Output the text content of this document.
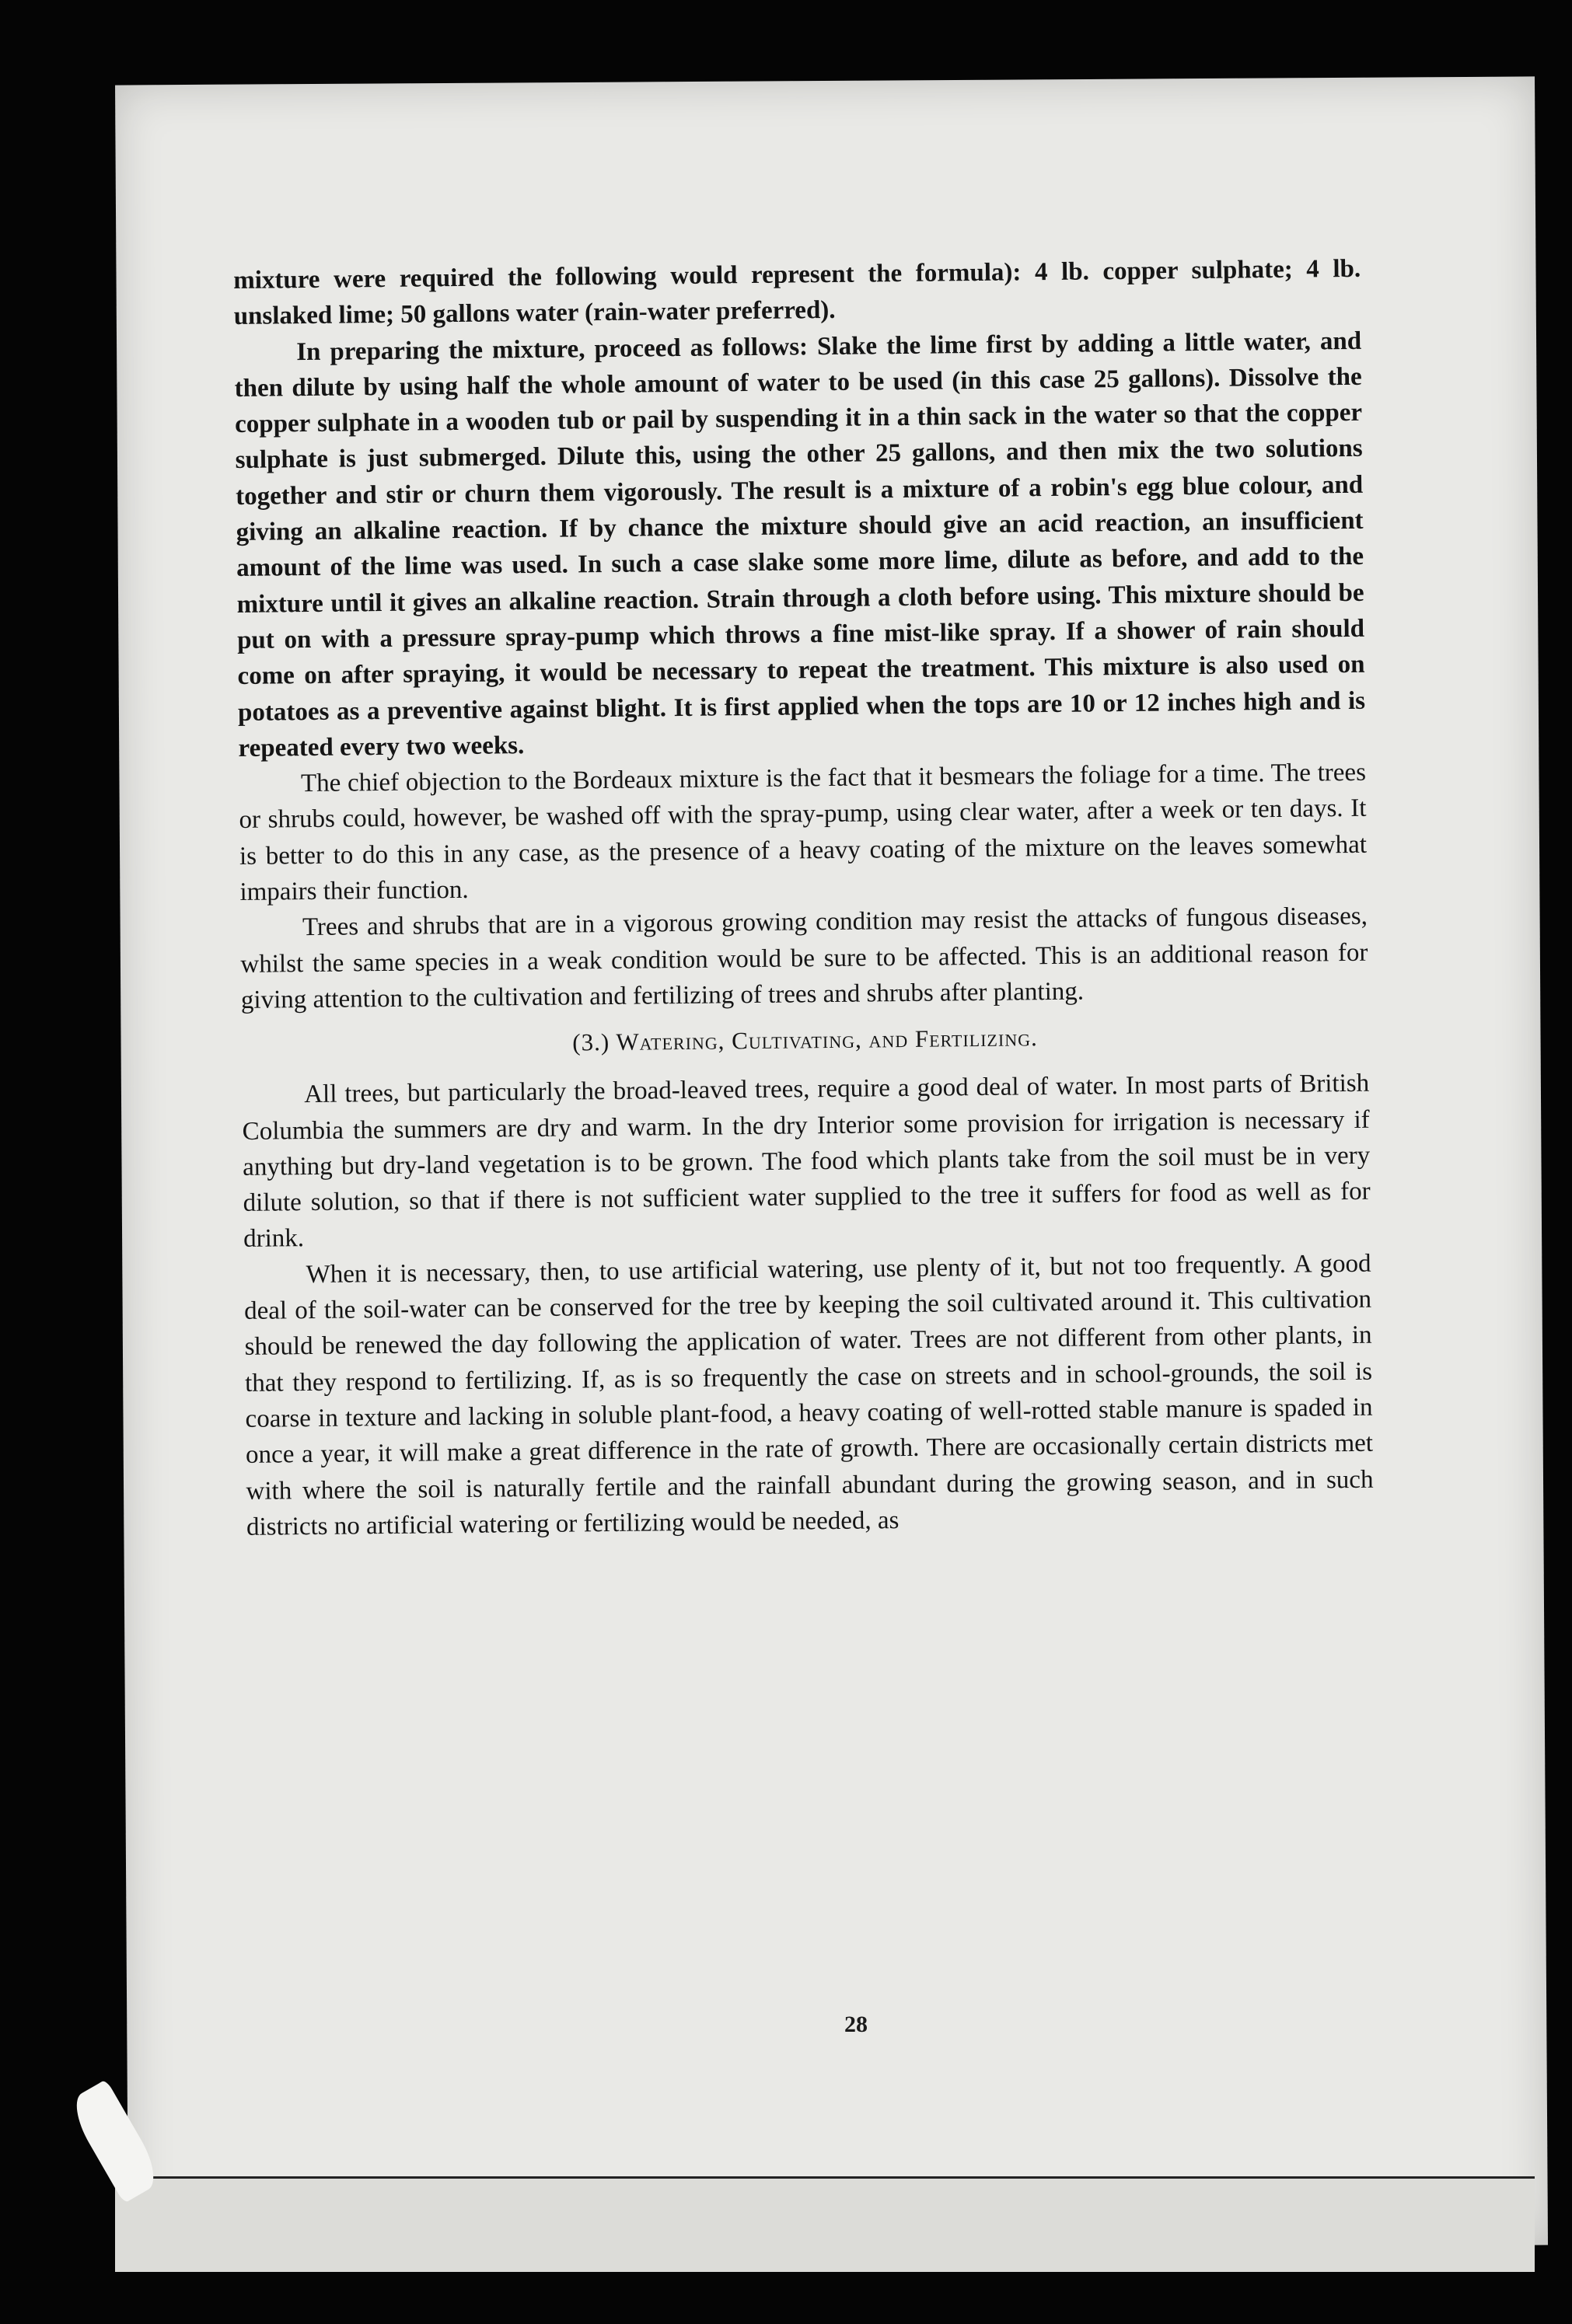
mixture were required the following would represent the formula): 4 lb. copper sulphate; 4 lb. unslaked lime; 50 gallons water (rain-water preferred).

In preparing the mixture, proceed as follows: Slake the lime first by adding a little water, and then dilute by using half the whole amount of water to be used (in this case 25 gallons). Dissolve the copper sulphate in a wooden tub or pail by suspending it in a thin sack in the water so that the copper sulphate is just submerged. Dilute this, using the other 25 gallons, and then mix the two solutions together and stir or churn them vigorously. The result is a mixture of a robin's egg blue colour, and giving an alkaline reaction. If by chance the mixture should give an acid reaction, an insufficient amount of the lime was used. In such a case slake some more lime, dilute as before, and add to the mixture until it gives an alkaline reaction. Strain through a cloth before using. This mixture should be put on with a pressure spray-pump which throws a fine mist-like spray. If a shower of rain should come on after spraying, it would be necessary to repeat the treatment. This mixture is also used on potatoes as a preventive against blight. It is first applied when the tops are 10 or 12 inches high and is repeated every two weeks.

The chief objection to the Bordeaux mixture is the fact that it besmears the foliage for a time. The trees or shrubs could, however, be washed off with the spray-pump, using clear water, after a week or ten days. It is better to do this in any case, as the presence of a heavy coating of the mixture on the leaves somewhat impairs their function.

Trees and shrubs that are in a vigorous growing condition may resist the attacks of fungous diseases, whilst the same species in a weak condition would be sure to be affected. This is an additional reason for giving attention to the cultivation and fertilizing of trees and shrubs after planting.

(3.) Watering, Cultivating, and Fertilizing.

All trees, but particularly the broad-leaved trees, require a good deal of water. In most parts of British Columbia the summers are dry and warm. In the dry Interior some provision for irrigation is necessary if anything but dry-land vegetation is to be grown. The food which plants take from the soil must be in very dilute solution, so that if there is not sufficient water supplied to the tree it suffers for food as well as for drink.

When it is necessary, then, to use artificial watering, use plenty of it, but not too frequently. A good deal of the soil-water can be conserved for the tree by keeping the soil cultivated around it. This cultivation should be renewed the day following the application of water. Trees are not different from other plants, in that they respond to fertilizing. If, as is so frequently the case on streets and in school-grounds, the soil is coarse in texture and lacking in soluble plant-food, a heavy coating of well-rotted stable manure is spaded in once a year, it will make a great difference in the rate of growth. There are occasionally certain districts met with where the soil is naturally fertile and the rainfall abundant during the growing season, and in such districts no artificial watering or fertilizing would be needed, as

28
